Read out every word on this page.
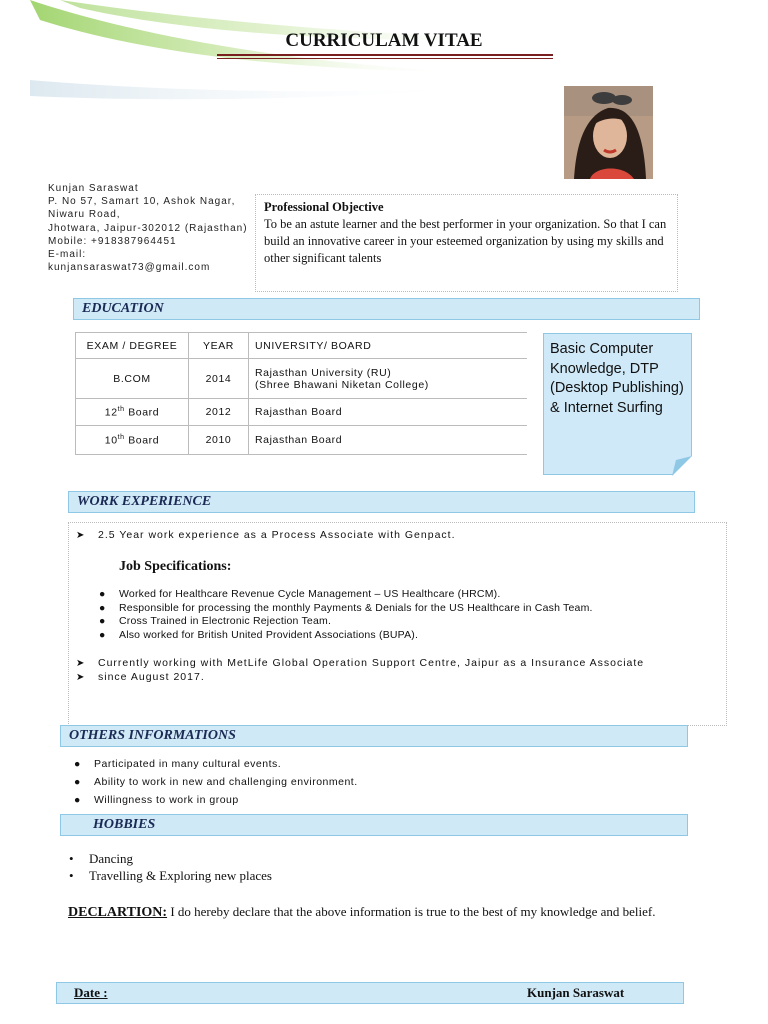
CURRICULAM VITAE
Kunjan Saraswat
P. No 57, Samart 10, Ashok Nagar,
Niwaru Road,
Jhotwara, Jaipur-302012 (Rajasthan)
Mobile: +918387964451
E-mail:
kunjansaraswat73@gmail.com
Professional Objective
To be an astute learner and the best performer in your organization. So that I can build an innovative career in your esteemed organization by using my skills and other significant talents
EDUCATION
EXAM / DEGREE	YEAR	UNIVERSITY/ BOARD
B.COM	2014	Rajasthan University (RU)
(Shree Bhawani Niketan College)

12th Board	2012	Rajasthan Board
10th Board	2010	Rajasthan Board
Basic Computer Knowledge, DTP (Desktop Publishing) & Internet Surfing
WORK EXPERIENCE
➤ 2.5 Year work experience as a Process Associate with Genpact.
Job Specifications:
● Worked for Healthcare Revenue Cycle Management – US Healthcare (HRCM).
● Responsible for processing the monthly Payments & Denials for the US Healthcare in Cash Team.
● Cross Trained in Electronic Rejection Team.
● Also worked for British United Provident Associations (BUPA).
➤ Currently working with MetLife Global Operation Support Centre, Jaipur as a Insurance Associate
➤ since August 2017.
OTHERS INFORMATIONS
● Participated in many cultural events.
● Ability to work in new and challenging environment.
● Willingness to work in group
HOBBIES
• Dancing
• Travelling & Exploring new places
DECLARTION: I do hereby declare that the above information is true to the best of my knowledge and belief.
Date :	Kunjan Saraswat
